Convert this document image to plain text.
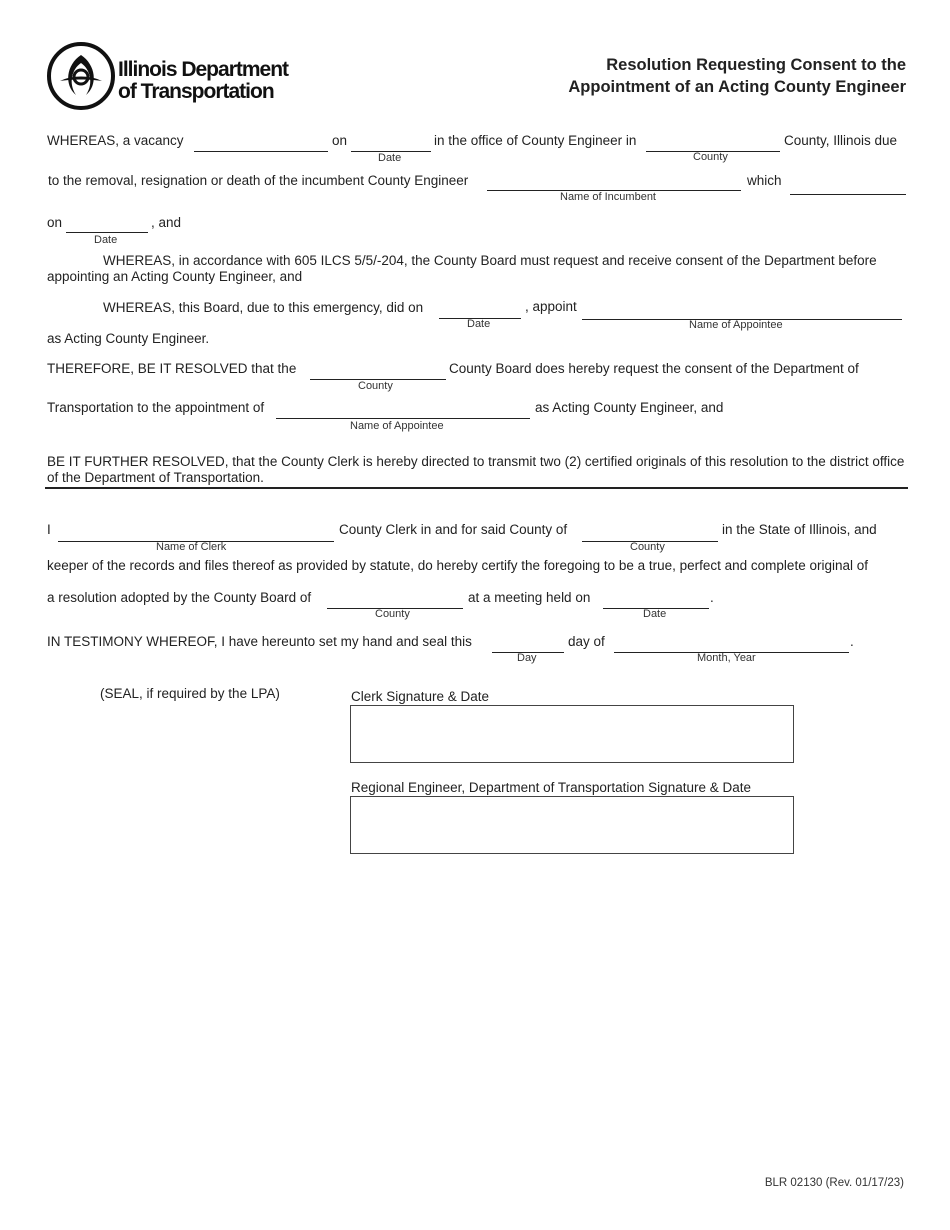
Illinois Department
of Transportation
Resolution Requesting Consent to the
Appointment of an Acting County Engineer
WHEREAS, a vacancy	on
Date
in the office of County Engineer in
County
County, Illinois due
to the removal, resignation or death of the incumbent County Engineer
Name of Incumbent
which
on
Date
, and
WHEREAS, in accordance with 605 ILCS 5/5/-204, the County Board must request and receive consent of the Department before appointing an Acting County Engineer, and
WHEREAS, this Board, due to this emergency, did on
Date
, appoint
Name of Appointee
as Acting County Engineer.
THEREFORE, BE IT RESOLVED that the
County
County Board does hereby request the consent of the Department of
Transportation to the appointment of
Name of Appointee
as Acting County Engineer, and
BE IT FURTHER RESOLVED, that the County Clerk is hereby directed to transmit two (2) certified originals of this resolution to the district office of the Department of Transportation.
I
Name of Clerk
County Clerk in and for said County of
County
in the State of Illinois, and
keeper of the records and files thereof as provided by statute, do hereby certify the foregoing to be a true, perfect and complete original of
a resolution adopted by the County Board of
County
at a meeting held on
Date
.
IN TESTIMONY WHEREOF, I have hereunto set my hand and seal this
Day
day of
Month, Year
.
(SEAL, if required by the LPA)	Clerk Signature & Date
Regional Engineer, Department of Transportation Signature & Date
BLR 02130 (Rev. 01/17/23)
